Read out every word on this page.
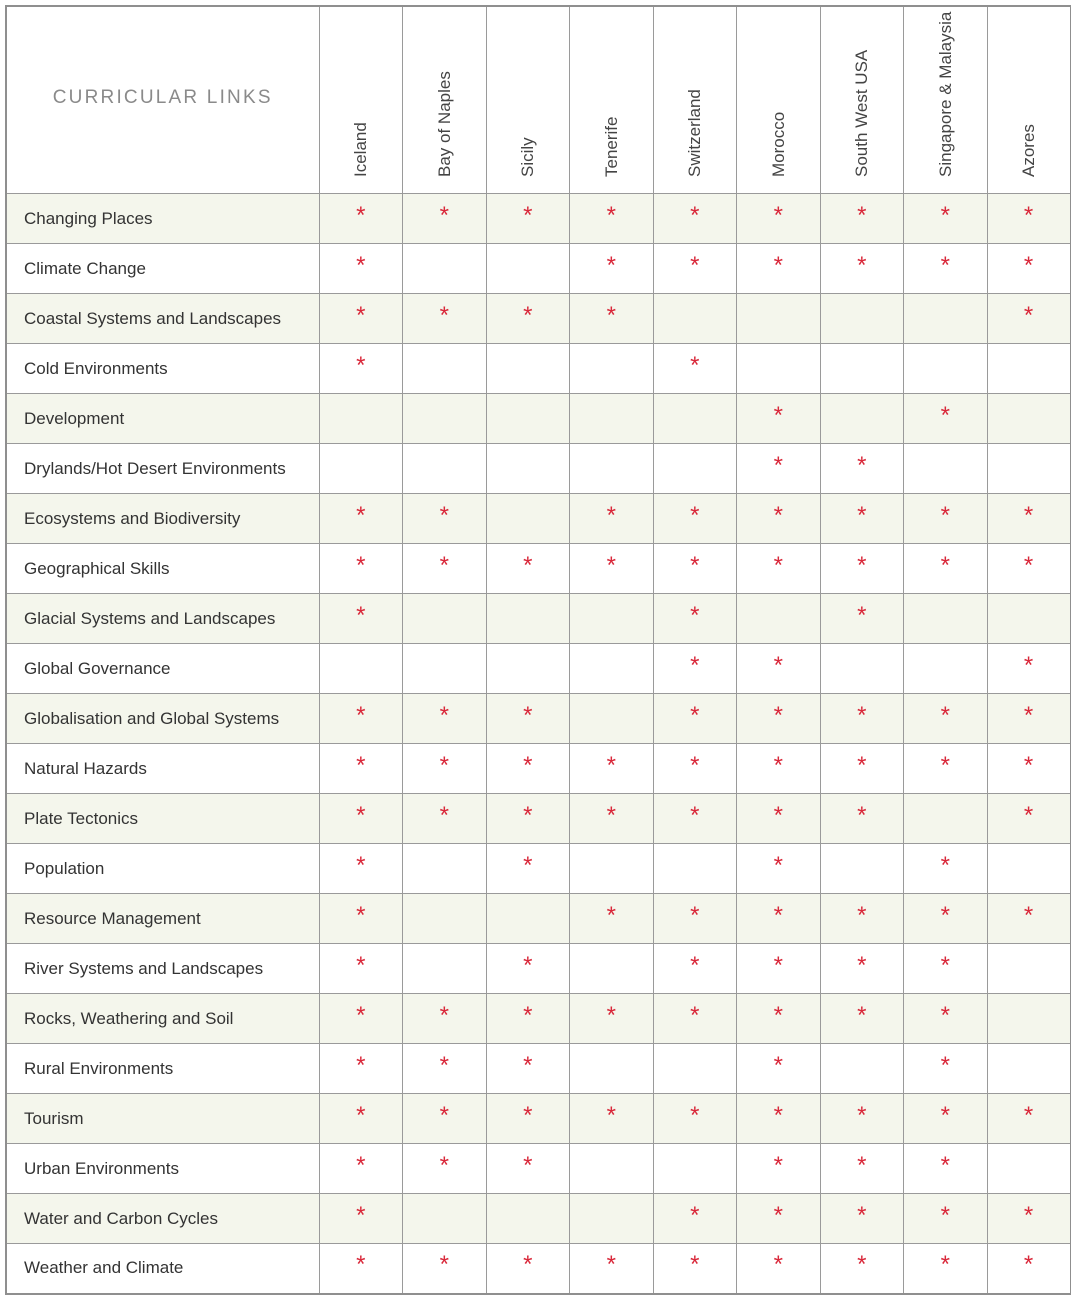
CURRICULAR LINKS	Iceland	Bay of Naples	Sicily	Tenerife	Switzerland	Morocco	South West USA	Singapore & Malaysia	Azores

Changing Places	*	*	*	*	*	*	*	*	*
Climate Change	*			*	*	*	*	*	*
Coastal Systems and Landscapes	*	*	*	*					*
Cold Environments	*				*				
Development						*		*	
Drylands/Hot Desert Environments						*	*		
Ecosystems and Biodiversity	*	*		*	*	*	*	*	*
Geographical Skills	*	*	*	*	*	*	*	*	*
Glacial Systems and Landscapes	*				*		*		
Global Governance					*	*			*
Globalisation and Global Systems	*	*	*		*	*	*	*	*
Natural Hazards	*	*	*	*	*	*	*	*	*
Plate Tectonics	*	*	*	*	*	*	*		*
Population	*		*			*		*	
Resource Management	*			*	*	*	*	*	*
River Systems and Landscapes	*		*		*	*	*	*	
Rocks, Weathering and Soil	*	*	*	*	*	*	*	*	
Rural Environments	*	*	*			*		*	
Tourism	*	*	*	*	*	*	*	*	*
Urban Environments	*	*	*			*	*	*	
Water and Carbon Cycles	*				*	*	*	*	*
Weather and Climate	*	*	*	*	*	*	*	*	*
